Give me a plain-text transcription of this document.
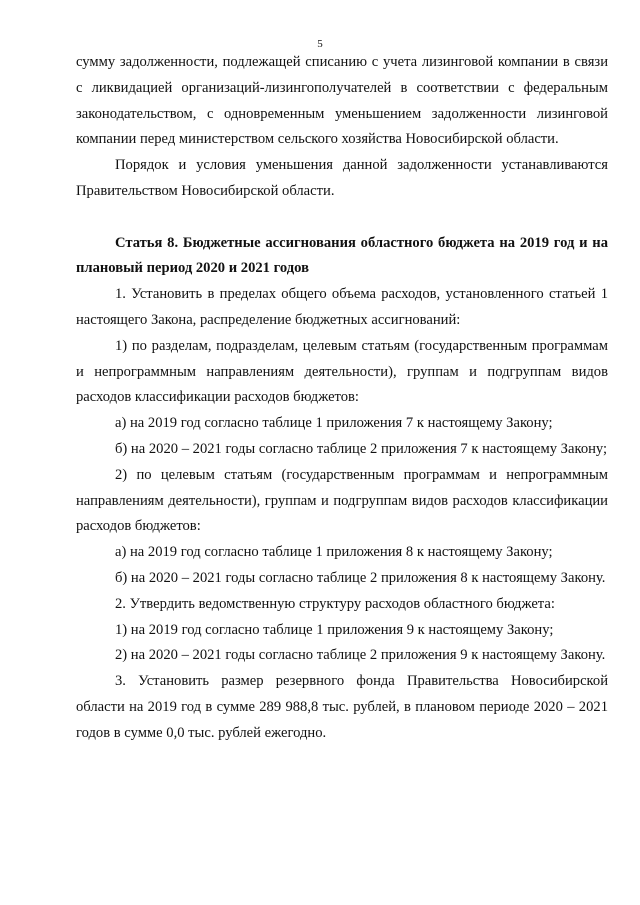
5

сумму задолженности, подлежащей списанию с учета лизинговой компании в связи с ликвидацией организаций-лизингополучателей в соответствии с федеральным законодательством, с одновременным уменьшением задолженности лизинговой компании перед министерством сельского хозяйства Новосибирской области.

Порядок и условия уменьшения данной задолженности устанавливаются Правительством Новосибирской области.

Статья 8. Бюджетные ассигнования областного бюджета на 2019 год и на плановый период 2020 и 2021 годов

1. Установить в пределах общего объема расходов, установленного статьей 1 настоящего Закона, распределение бюджетных ассигнований:

1) по разделам, подразделам, целевым статьям (государственным программам и непрограммным направлениям деятельности), группам и подгруппам видов расходов классификации расходов бюджетов:

а) на 2019 год согласно таблице 1 приложения 7 к настоящему Закону;

б) на 2020 – 2021 годы согласно таблице 2 приложения 7 к настоящему Закону;

2) по целевым статьям (государственным программам и непрограммным направлениям деятельности), группам и подгруппам видов расходов классификации расходов бюджетов:

а) на 2019 год согласно таблице 1 приложения 8 к настоящему Закону;

б) на 2020 – 2021 годы согласно таблице 2 приложения 8 к настоящему Закону.

2. Утвердить ведомственную структуру расходов областного бюджета:

1) на 2019 год согласно таблице 1 приложения 9 к настоящему Закону;

2) на 2020 – 2021 годы согласно таблице 2 приложения 9 к настоящему Закону.

3. Установить размер резервного фонда Правительства Новосибирской области на 2019 год в сумме 289 988,8 тыс. рублей, в плановом периоде 2020 – 2021 годов в сумме 0,0 тыс. рублей ежегодно.
